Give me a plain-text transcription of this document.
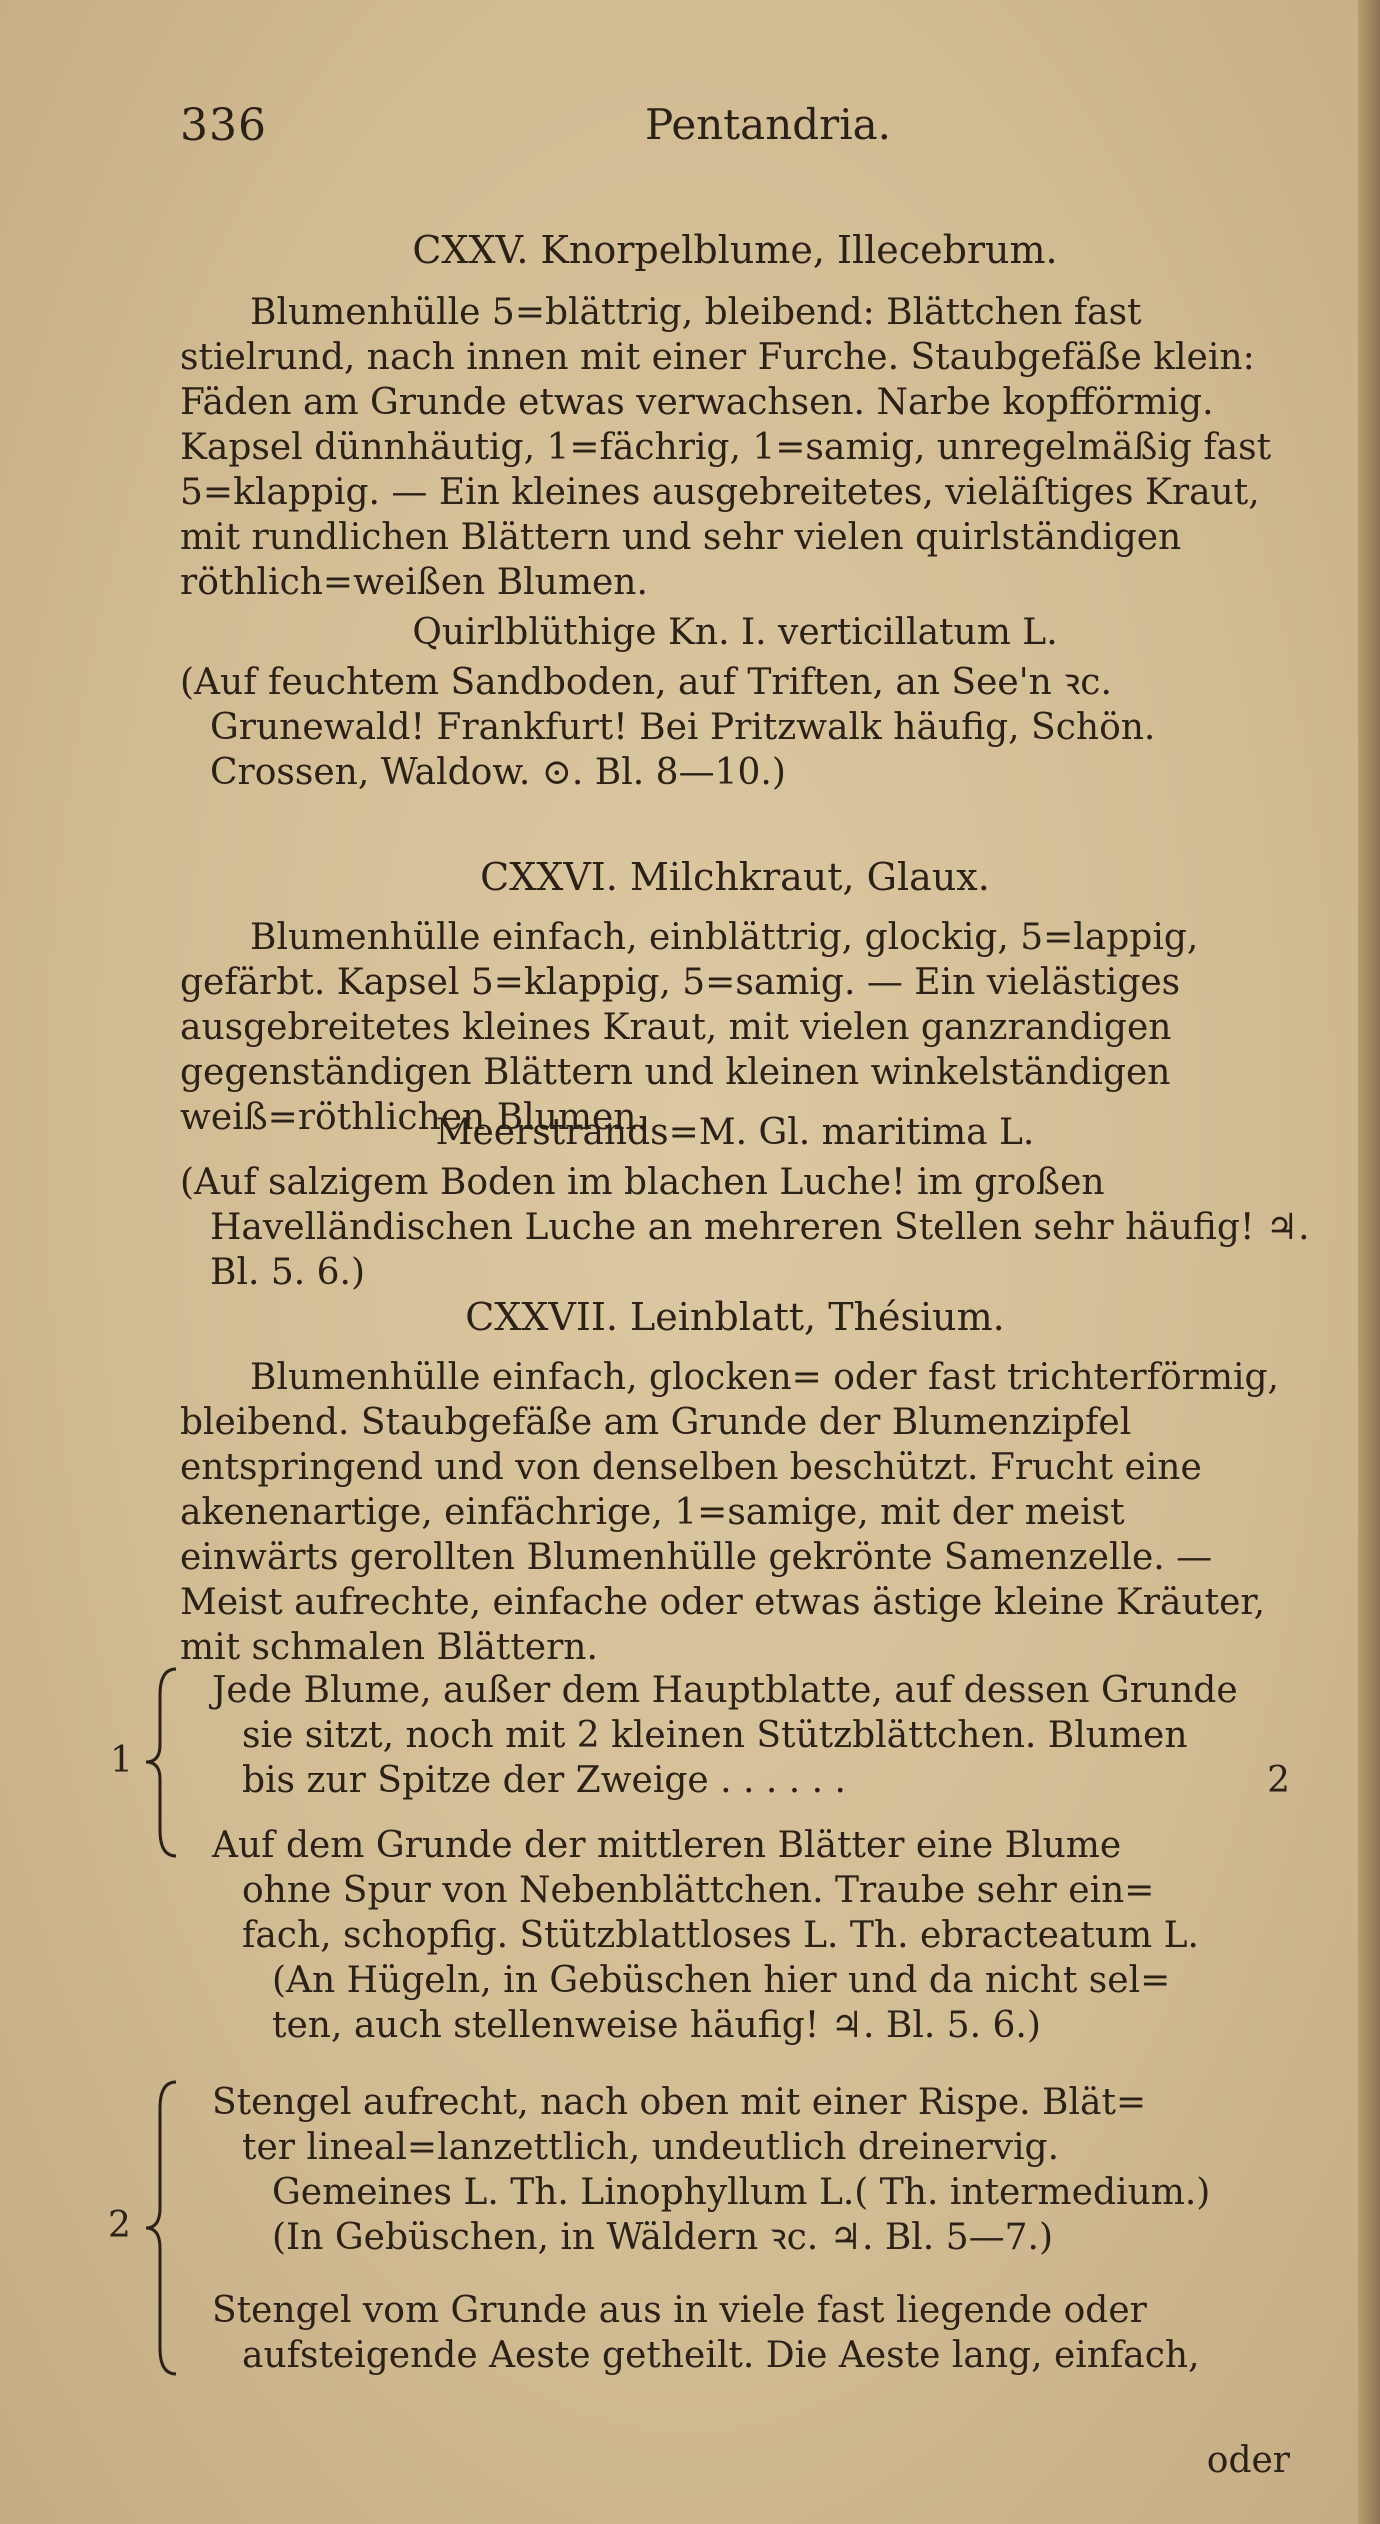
336	Pentandria.
CXXV. Knorpelblume, Illecebrum.
Blumenhülle 5=blättrig, bleibend: Blättchen fast stielrund, nach innen mit einer Furche. Staubgefäße klein: Fäden am Grunde etwas verwachsen. Narbe kopfförmig. Kapsel dünnhäutig, 1=fächrig, 1=samig, unregelmäßig fast 5=klappig. — Ein kleines ausgebreitetes, vieläſtiges Kraut, mit rundlichen Blättern und sehr vielen quirlständigen röthlich=weißen Blumen.
Quirlblüthige Kn. I. verticillatum L.
(Auf feuchtem Sandboden, auf Triften, an See'n ꝛc. Grunewald! Frankfurt! Bei Pritzwalk häufig, Schön. Crossen, Waldow. ⊙. Bl. 8—10.)
CXXVI. Milchkraut, Glaux.
Blumenhülle einfach, einblättrig, glockig, 5=lappig, gefärbt. Kapsel 5=klappig, 5=samig. — Ein vielästiges ausgebreitetes kleines Kraut, mit vielen ganzrandigen gegenständigen Blättern und kleinen winkelständigen weiß=röthlichen Blumen.
Meerstrands=M. Gl. maritima L.
(Auf salzigem Boden im blachen Luche! im großen Havelländischen Luche an mehreren Stellen sehr häufig! ♃. Bl. 5. 6.)
CXXVII. Leinblatt, Thésium.
Blumenhülle einfach, glocken= oder fast trichterförmig, bleibend. Staubgefäße am Grunde der Blumenzipfel entspringend und von denselben beschützt. Frucht eine akenenartige, einfächrige, 1=samige, mit der meist einwärts gerollten Blumenhülle gekrönte Samenzelle. — Meist aufrechte, einfache oder etwas ästige kleine Kräuter, mit schmalen Blättern.
1
Jede Blume, außer dem Hauptblatte, auf dessen Grunde
sie sitzt, noch mit 2 kleinen Stützblättchen. Blumen
bis zur Spitze der Zweige . . . . . .	2
Auf dem Grunde der mittleren Blätter eine Blume
ohne Spur von Nebenblättchen. Traube sehr ein=
fach, schopfig. Stützblattloses L. Th. ebracteatum L.
(An Hügeln, in Gebüschen hier und da nicht sel=
ten, auch stellenweise häufig! ♃. Bl. 5. 6.)
2
Stengel aufrecht, nach oben mit einer Rispe. Blät=
ter lineal=lanzettlich, undeutlich dreinervig.
Gemeines L. Th. Linophyllum L.( Th. intermedium.)
(In Gebüschen, in Wäldern ꝛc. ♃. Bl. 5—7.)
Stengel vom Grunde aus in viele fast liegende oder
aufsteigende Aeste getheilt. Die Aeste lang, einfach,
oder
